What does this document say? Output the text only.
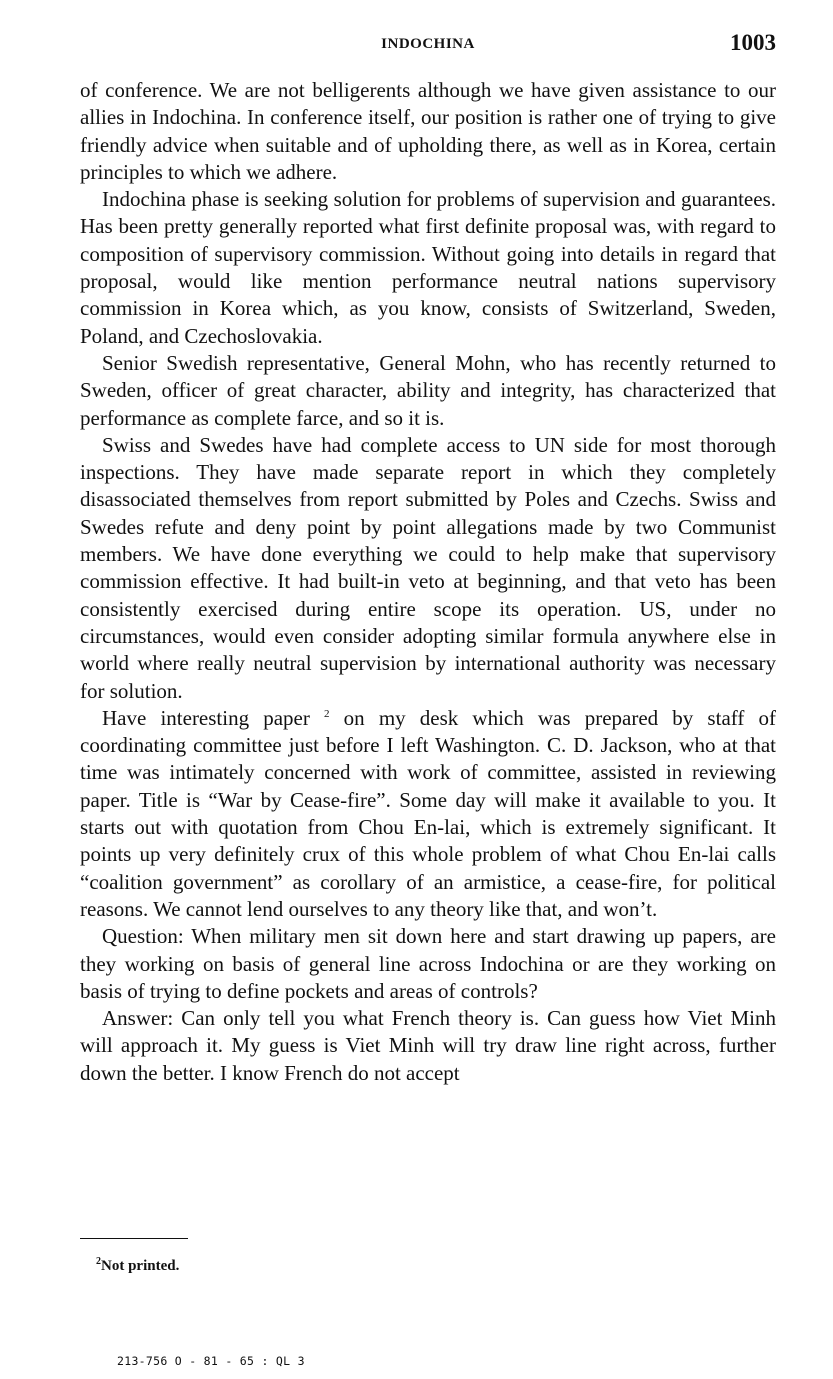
INDOCHINA	1003

of conference. We are not belligerents although we have given assistance to our allies in Indochina. In conference itself, our position is rather one of trying to give friendly advice when suitable and of upholding there, as well as in Korea, certain principles to which we adhere.

Indochina phase is seeking solution for problems of supervision and guarantees. Has been pretty generally reported what first definite proposal was, with regard to composition of supervisory commission. Without going into details in regard that proposal, would like mention performance neutral nations supervisory commission in Korea which, as you know, consists of Switzerland, Sweden, Poland, and Czechoslovakia.

Senior Swedish representative, General Mohn, who has recently returned to Sweden, officer of great character, ability and integrity, has characterized that performance as complete farce, and so it is.

Swiss and Swedes have had complete access to UN side for most thorough inspections. They have made separate report in which they completely disassociated themselves from report submitted by Poles and Czechs. Swiss and Swedes refute and deny point by point allegations made by two Communist members. We have done everything we could to help make that supervisory commission effective. It had built-in veto at beginning, and that veto has been consistently exercised during entire scope its operation. US, under no circumstances, would even consider adopting similar formula anywhere else in world where really neutral supervision by international authority was necessary for solution.

Have interesting paper $^2$ on my desk which was prepared by staff of coordinating committee just before I left Washington. C. D. Jackson, who at that time was intimately concerned with work of committee, assisted in reviewing paper. Title is “War by Cease-fire”. Some day will make it available to you. It starts out with quotation from Chou En-lai, which is extremely significant. It points up very definitely crux of this whole problem of what Chou En-lai calls “coalition government” as corollary of an armistice, a cease-fire, for political reasons. We cannot lend ourselves to any theory like that, and won’t.

Question: When military men sit down here and start drawing up papers, are they working on basis of general line across Indochina or are they working on basis of trying to define pockets and areas of controls?

Answer: Can only tell you what French theory is. Can guess how Viet Minh will approach it. My guess is Viet Minh will try draw line right across, further down the better. I know French do not accept

$^2$Not printed.
213-756 O - 81 - 65 : QL 3
